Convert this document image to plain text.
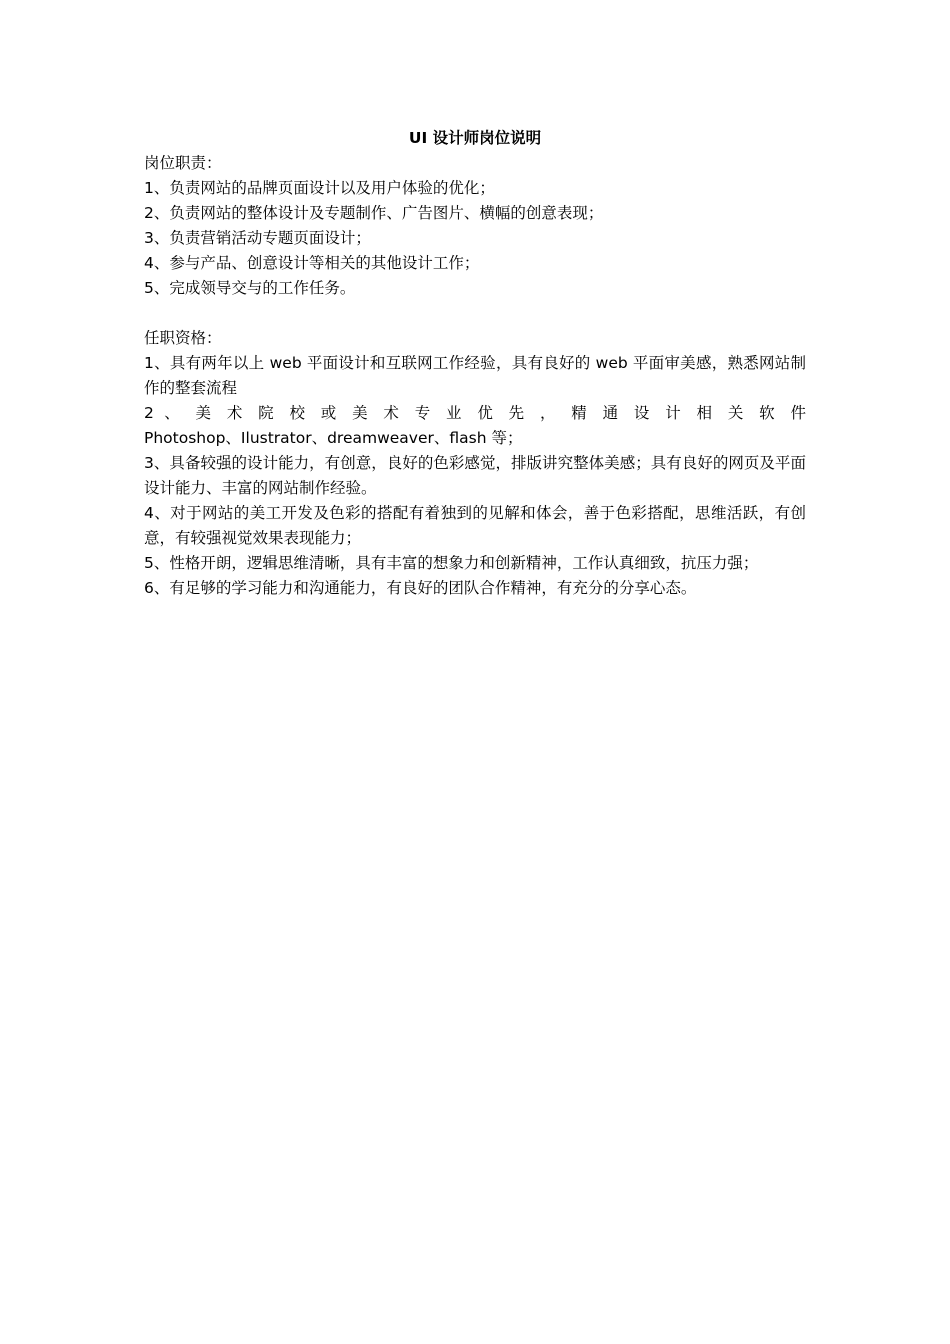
UI 设计师岗位说明
岗位职责：
1、负责网站的品牌页面设计以及用户体验的优化；
2、负责网站的整体设计及专题制作、广告图片、横幅的创意表现；
3、负责营销活动专题页面设计；
4、参与产品、创意设计等相关的其他设计工作；
5、完成领导交与的工作任务。
任职资格：
1、具有两年以上 web 平面设计和互联网工作经验，具有良好的 web 平面审美感，熟悉网站制作的整套流程
2 、 美 术 院 校 或 美 术 专 业 优 先 ， 精 通 设 计 相 关 软 件
Photoshop、Ilustrator、dreamweaver、flash 等；
3、具备较强的设计能力，有创意，良好的色彩感觉，排版讲究整体美感；具有良好的网页及平面设计能力、丰富的网站制作经验。
4、对于网站的美工开发及色彩的搭配有着独到的见解和体会，善于色彩搭配，思维活跃，有创意，有较强视觉效果表现能力；
5、性格开朗，逻辑思维清晰，具有丰富的想象力和创新精神，工作认真细致，抗压力强；
6、有足够的学习能力和沟通能力，有良好的团队合作精神，有充分的分享心态。
